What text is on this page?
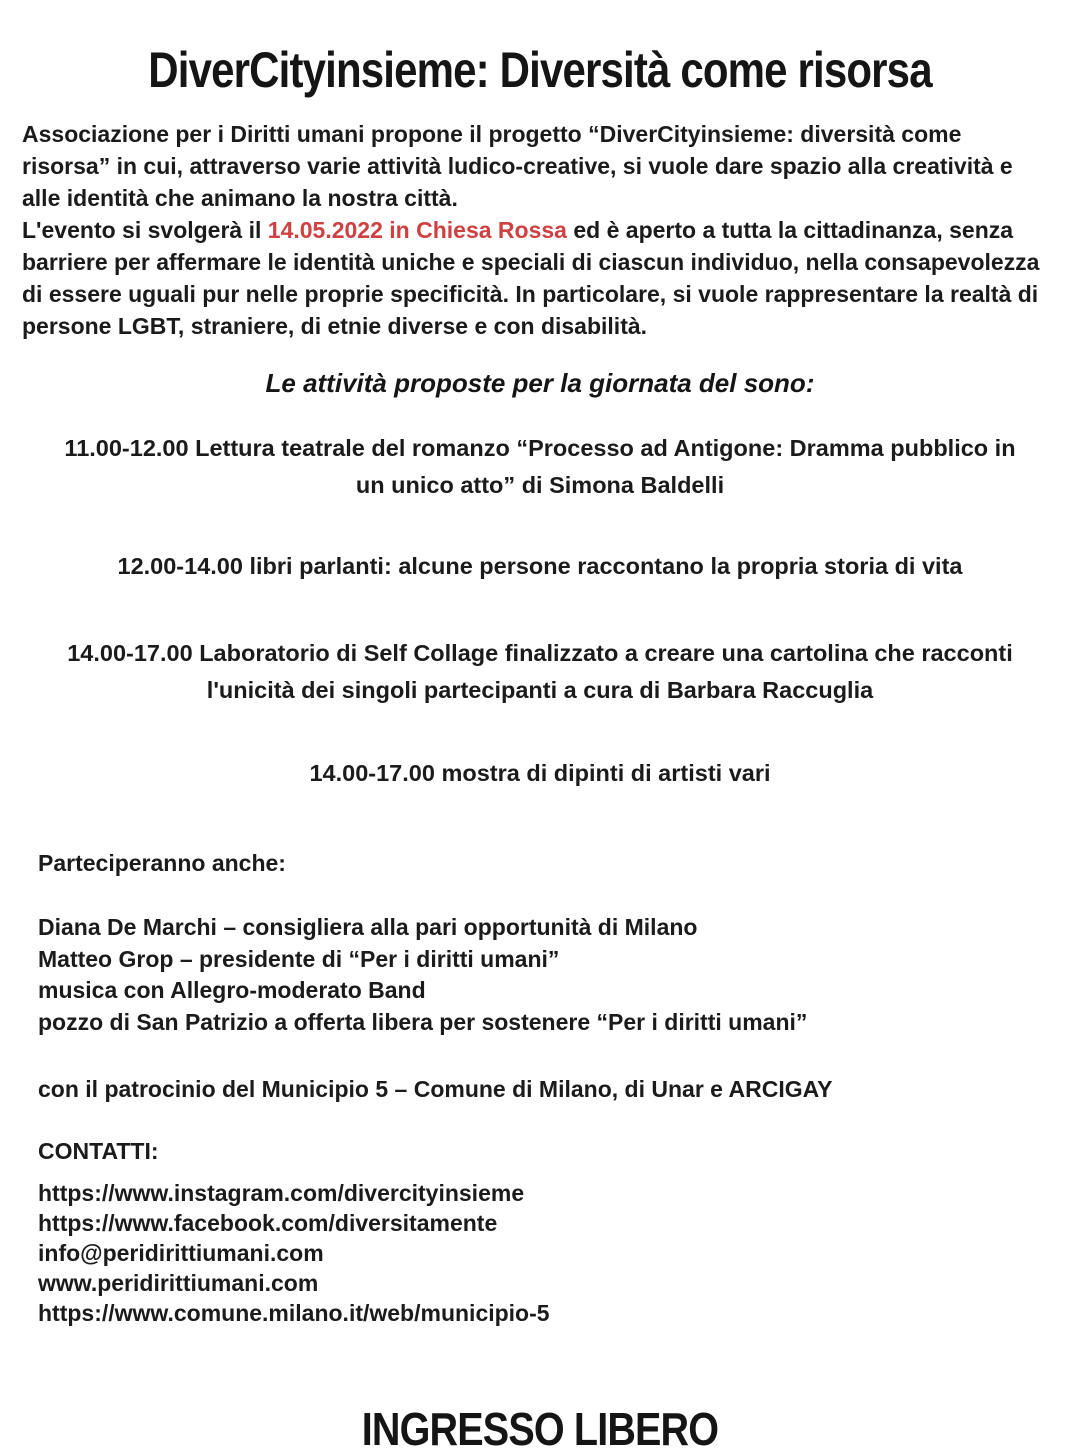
DiverCityinsieme: Diversità come risorsa

Associazione per i Diritti umani propone il progetto “DiverCityinsieme: diversità come risorsa” in cui, attraverso varie attività ludico-creative, si vuole dare spazio alla creatività e alle identità che animano la nostra città.
L'evento si svolgerà il 14.05.2022 in Chiesa Rossa ed è aperto a tutta la cittadinanza, senza barriere per affermare le identità uniche e speciali di ciascun individuo, nella consapevolezza di essere uguali pur nelle proprie specificità. In particolare, si vuole rappresentare la realtà di persone LGBT, straniere, di etnie diverse e con disabilità.

Le attività proposte per la giornata del sono:

11.00-12.00 Lettura teatrale del romanzo “Processo ad Antigone: Dramma pubblico in un unico atto” di Simona Baldelli

12.00-14.00 libri parlanti: alcune persone raccontano la propria storia di vita

14.00-17.00 Laboratorio di Self Collage finalizzato a creare una cartolina che racconti l'unicità dei singoli partecipanti a cura di Barbara Raccuglia

14.00-17.00 mostra di dipinti di artisti vari

Parteciperanno anche:
Diana De Marchi – consigliera alla pari opportunità di Milano
Matteo Grop – presidente di “Per i diritti umani”
musica con Allegro-moderato Band
pozzo di San Patrizio a offerta libera per sostenere “Per i diritti umani”
con il patrocinio del Municipio 5 – Comune di Milano, di Unar e ARCIGAY
CONTATTI:
https://www.instagram.com/divercityinsieme
https://www.facebook.com/diversitamente
info@peridirittiumani.com
www.peridirittiumani.com
https://www.comune.milano.it/web/municipio-5
INGRESSO LIBERO
